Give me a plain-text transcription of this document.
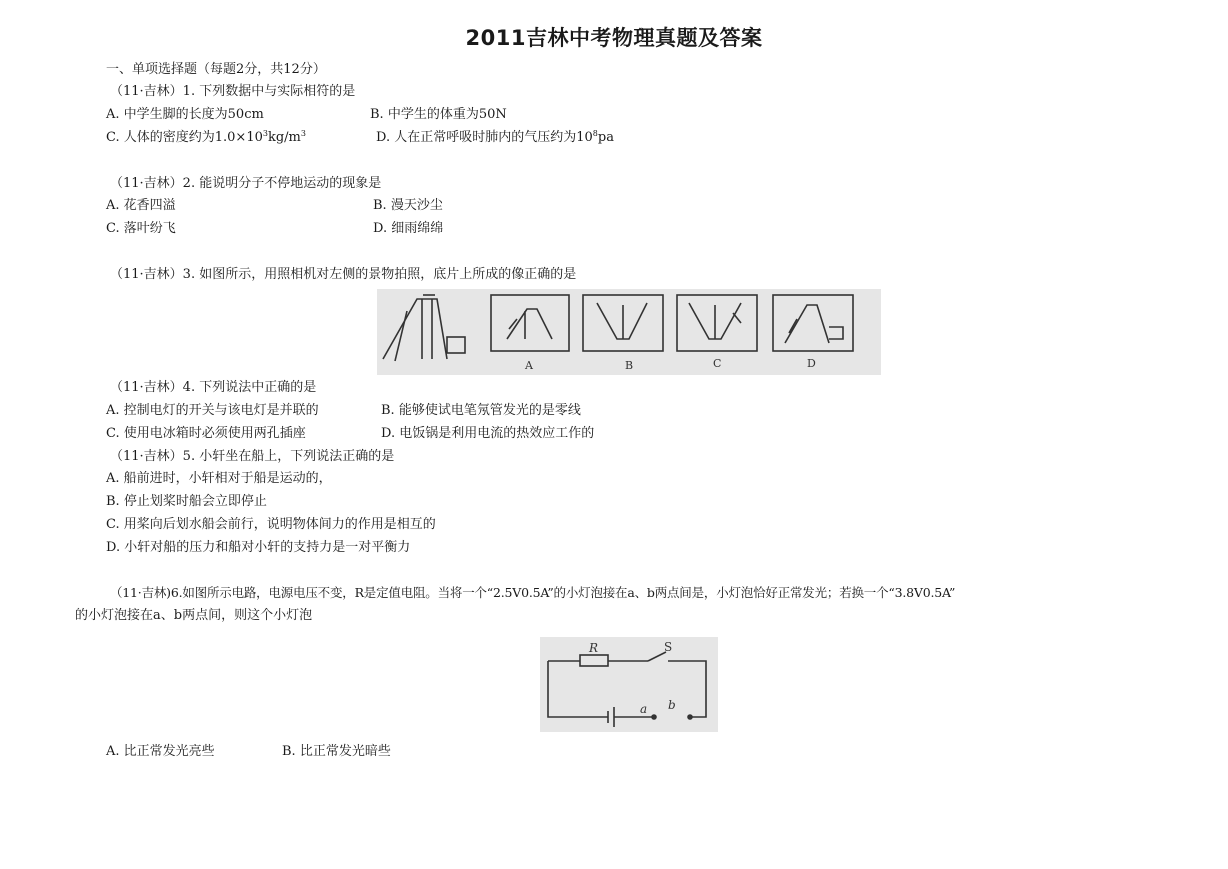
2011吉林中考物理真题及答案
一、单项选择题（每题2分，共12分）
（11·吉林）1. 下列数据中与实际相符的是
A. 中学生脚的长度为50cm	B. 中学生的体重为50N
C. 人体的密度约为$1.0\times 10^3kg/m^3$	D. 人在正常呼吸时肺内的气压约为$10^8pa$
（11·吉林）2. 能说明分子不停地运动的现象是
A. 花香四溢	B. 漫天沙尘
C. 落叶纷飞	D. 细雨绵绵
（11·吉林）3. 如图所示，用照相机对左侧的景物拍照，底片上所成的像正确的是
A	B	C	D
（11·吉林）4. 下列说法中正确的是
A. 控制电灯的开关与该电灯是并联的	B. 能够使试电笔氖管发光的是零线
C. 使用电冰箱时必须使用两孔插座	D. 电饭锅是利用电流的热效应工作的
（11·吉林）5. 小轩坐在船上，下列说法正确的是
A. 船前进时，小轩相对于船是运动的，
B. 停止划桨时船会立即停止
C. 用桨向后划水船会前行，说明物体间力的作用是相互的
D. 小轩对船的压力和船对小轩的支持力是一对平衡力
（11·吉林)6.如图所示电路，电源电压不变，R是定值电阻。当将一个“2.5V0.5A”的小灯泡接在a、b两点间是，小灯泡恰好正常发光；若换一个“3.8V0.5A”
的小灯泡接在a、b两点间，则这个小灯泡
R	S
a b
A. 比正常发光亮些	B. 比正常发光暗些
